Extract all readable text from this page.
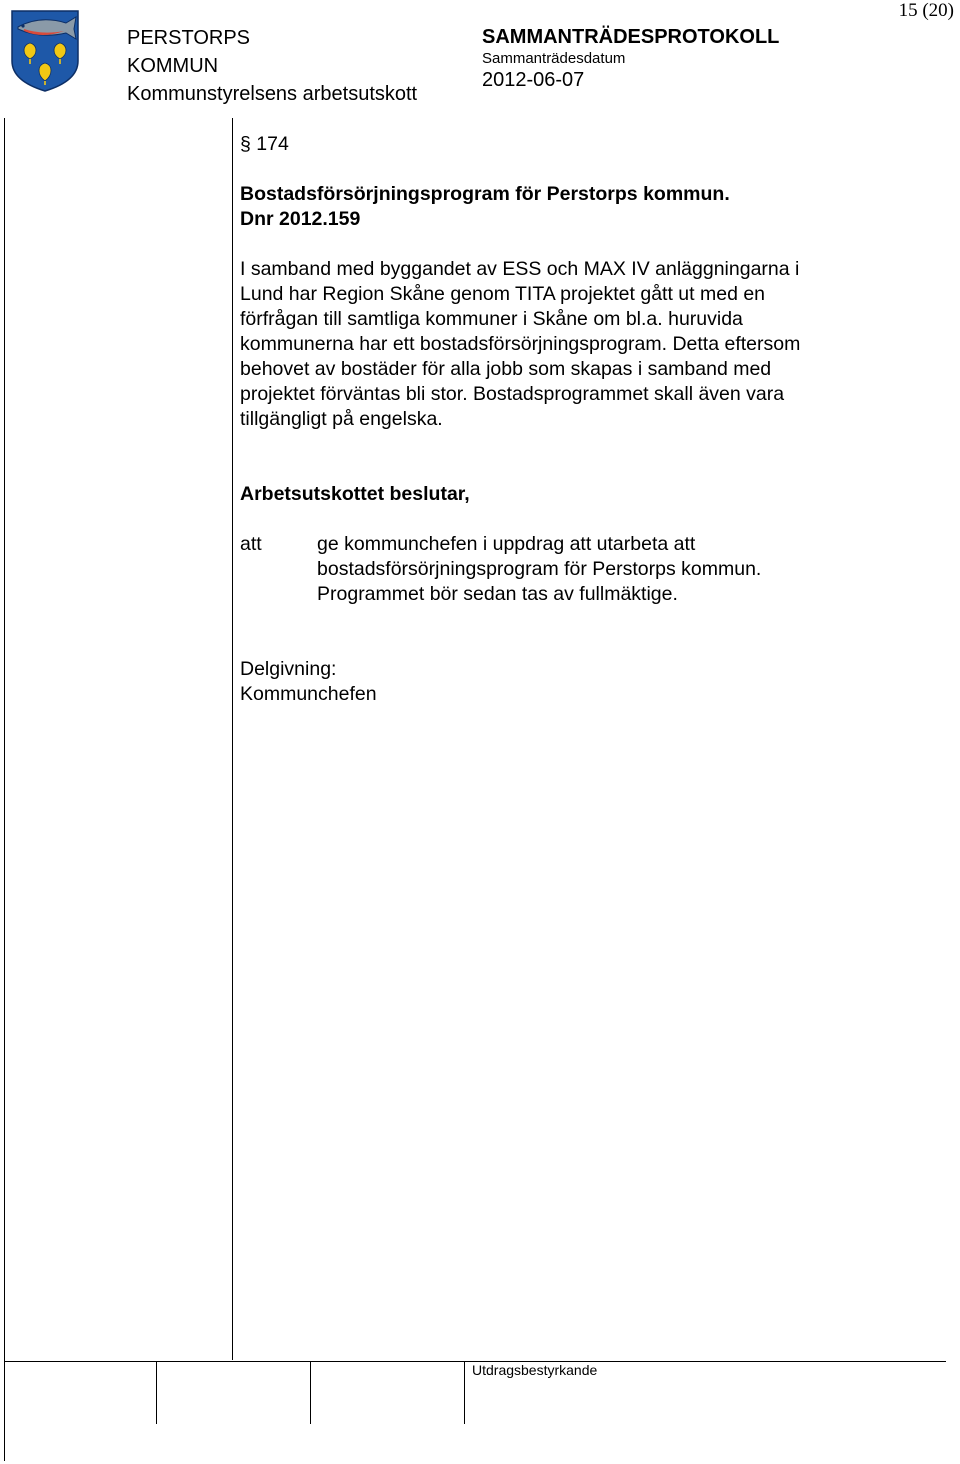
15 (20)
PERSTORPS
KOMMUN
Kommunstyrelsens arbetsutskott
SAMMANTRÄDESPROTOKOLL
Sammanträdesdatum
2012-06-07
§ 174
Bostadsförsörjningsprogram för Perstorps kommun.
Dnr 2012.159
I samband med byggandet av ESS och MAX IV anläggningarna i
Lund har Region Skåne genom TITA projektet gått ut med en
förfrågan till samtliga kommuner i Skåne om bl.a. huruvida
kommunerna har ett bostadsförsörjningsprogram. Detta eftersom
behovet av bostäder för alla jobb som skapas i samband med
projektet förväntas bli stor. Bostadsprogrammet skall även vara
tillgängligt på engelska.
Arbetsutskottet beslutar,
att	ge kommunchefen i uppdrag att utarbeta att
bostadsförsörjningsprogram för Perstorps kommun.
Programmet bör sedan tas av fullmäktige.
Delgivning:
Kommunchefen
Utdragsbestyrkande
